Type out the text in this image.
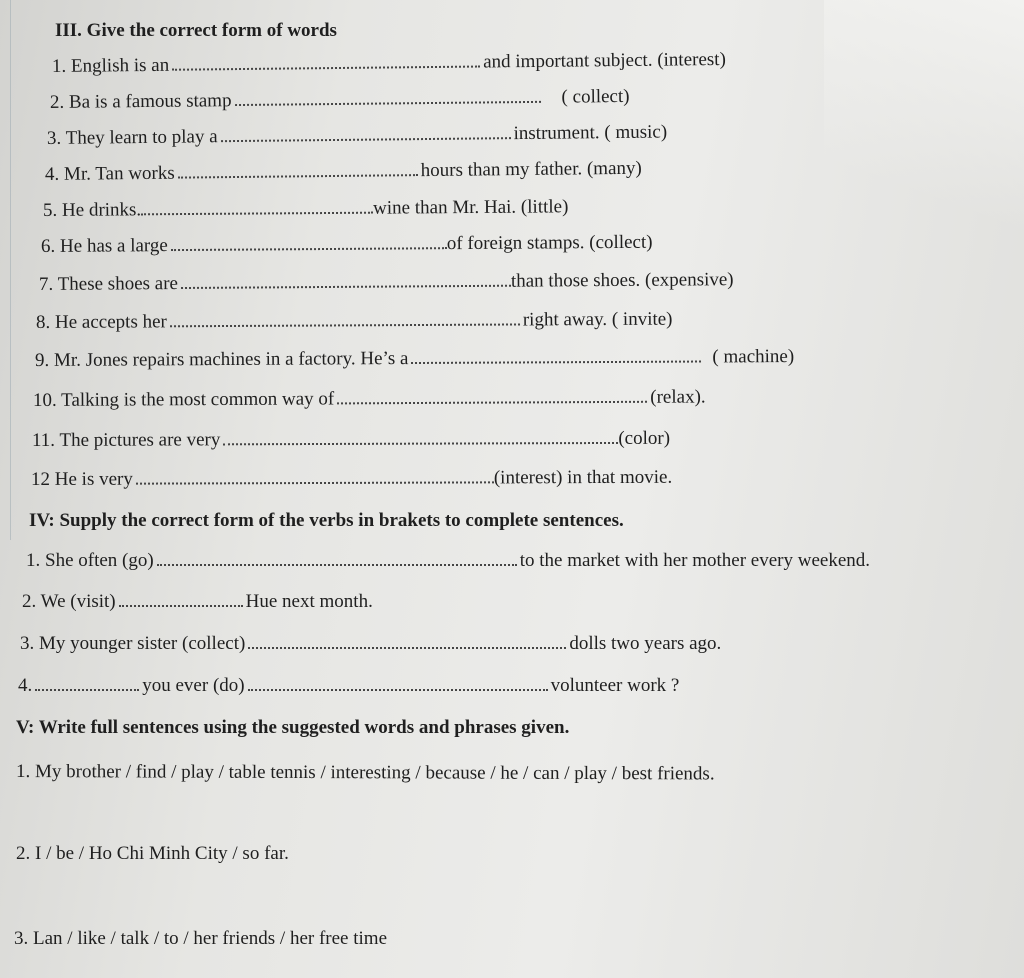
III. Give the correct form of words
1. English is an	and important subject. (interest)
2. Ba is a famous stamp	( collect)
3. They learn to play a	instrument. ( music)
4. Mr. Tan works	hours than my father. (many)
5. He drinks.	wine than Mr. Hai. (little)
6. He has a large	of foreign stamps. (collect)
7. These shoes are	than those shoes. (expensive)
8. He accepts her	right away. ( invite)
9. Mr. Jones repairs machines in a factory. He’s a	( machine)
10. Talking is the most common way of	(relax).
11. The pictures are very	(color)
12 He is very	(interest) in that movie.
IV: Supply the correct form of the verbs in brakets to complete sentences.
1. She often (go)	to the market with her mother every weekend.
2. We (visit)	Hue next month.
3. My younger sister (collect)	dolls two years ago.
4.	you ever (do)	volunteer work ?
V: Write full sentences using the suggested words and phrases given.
1. My brother / find / play / table tennis / interesting / because / he / can / play / best friends.
2. I / be / Ho Chi Minh City / so far.
3. Lan / like / talk / to / her friends / her free time
